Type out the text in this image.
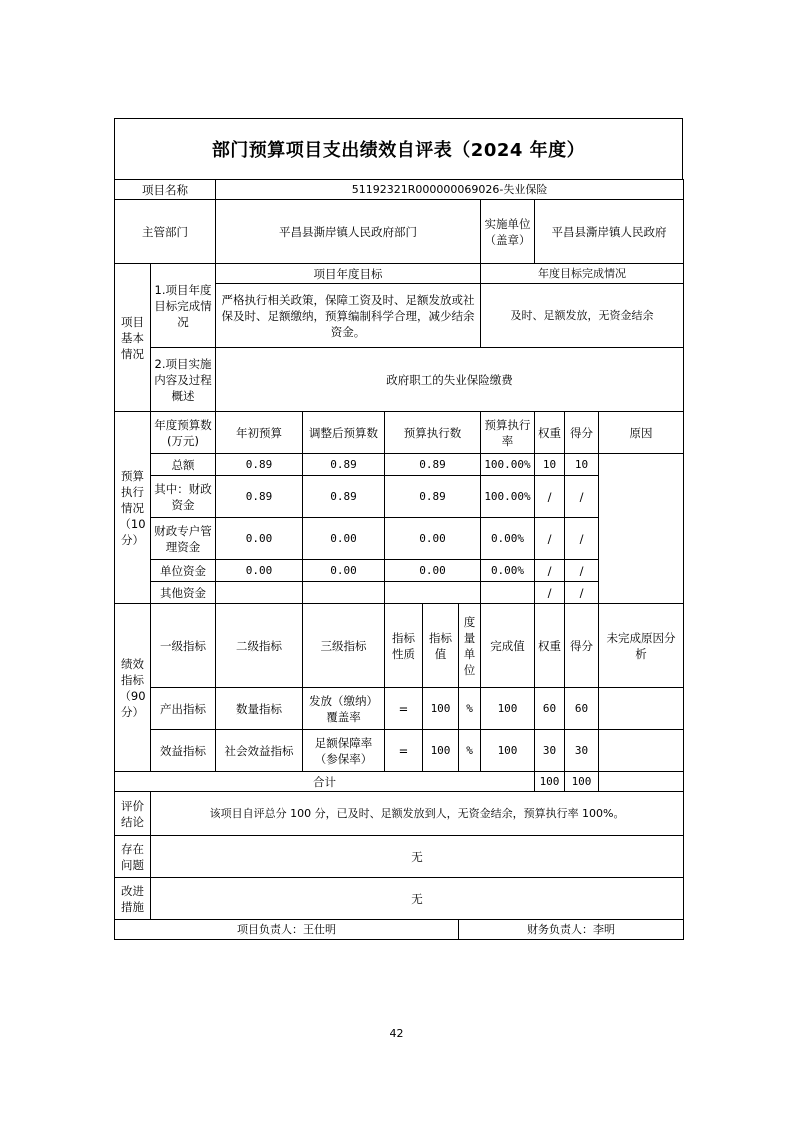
部门预算项目支出绩效自评表（2024 年度）
项目名称		51192321R000000069026-失业保险								
主管部门		平昌县澌岸镇人民政府部门					实施单位（盖章）	平昌县澌岸镇人民政府		
项目基本情况	1.项目年度目标完成情况	项目年度目标					年度目标完成情况			
		严格执行相关政策，保障工资及时、足额发放或社保及时、足额缴纳，预算编制科学合理，减少结余资金。					及时、足额发放，无资金结余			
	2.项目实施内容及过程概述	政府职工的失业保险缴费								
预算执行情况（10分）	年度预算数(万元)	年初预算	调整后预算数	预算执行数			预算执行率	权重	得分	原因
	总额	0.89	0.89	0.89			100.00%	10	10	
	其中：财政资金	0.89	0.89	0.89			100.00%	/	/	
	财政专户管理资金	0.00	0.00	0.00			0.00%	/	/	
	单位资金	0.00	0.00	0.00			0.00%	/	/	
	其他资金							/	/	
绩效指标（90分）	一级指标	二级指标	三级指标	指标性质	指标值	度量单位	完成值	权重	得分	未完成原因分析
	产出指标	数量指标	发放（缴纳）覆盖率	=	100	%	100	60	60	
	效益指标	社会效益指标	足额保障率（参保率）	=	100	%	100	30	30	
合计								100	100	
评价结论	该项目自评总分 100 分，已及时、足额发放到人，无资金结余，预算执行率 100%。									
存在问题	无									
改进措施	无									
项目负责人：王仕明						财务负责人：李明				
42
